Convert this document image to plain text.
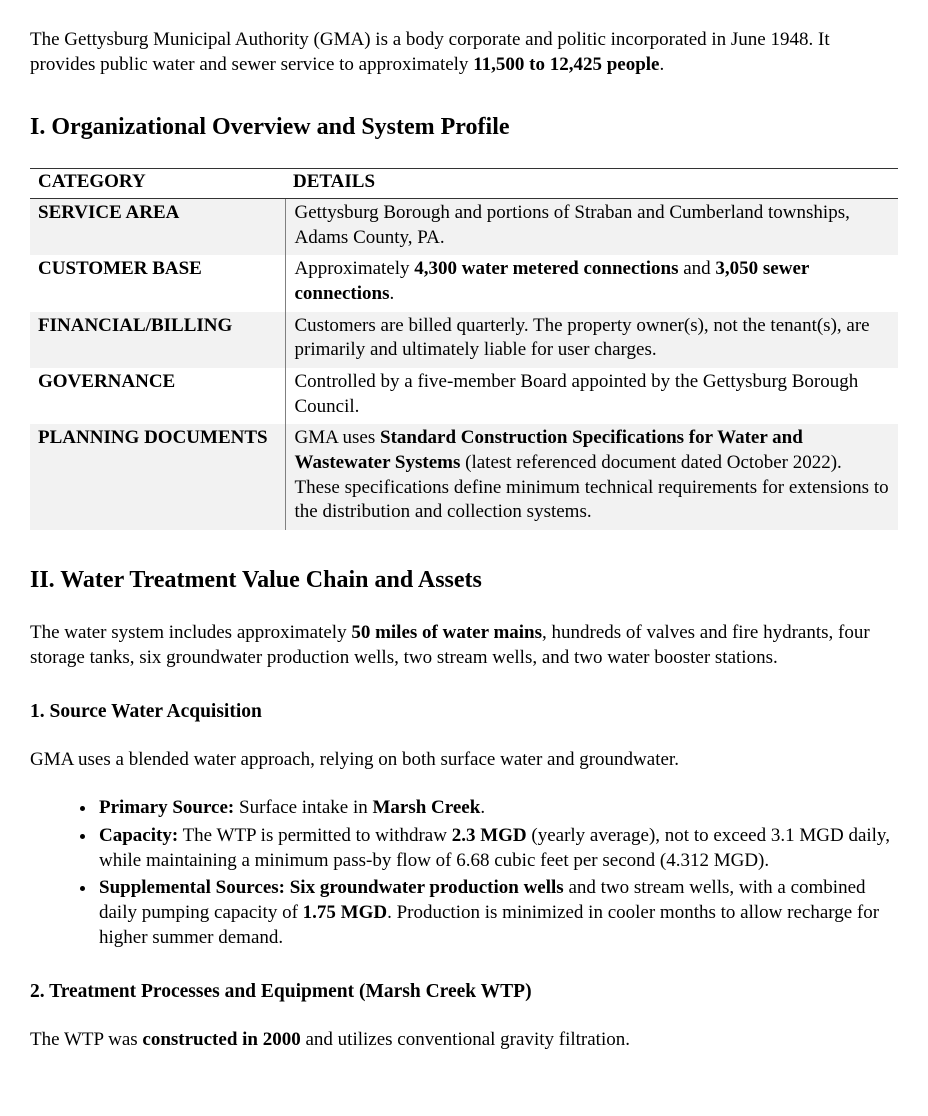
The Gettysburg Municipal Authority (GMA) is a body corporate and politic incorporated in June 1948. It provides public water and sewer service to approximately 11,500 to 12,425 people.

I. Organizational Overview and System Profile
CATEGORY	DETAILS
SERVICE AREA	Gettysburg Borough and portions of Straban and Cumberland townships, Adams County, PA.
CUSTOMER BASE	Approximately 4,300 water metered connections and 3,050 sewer connections.
FINANCIAL/BILLING	Customers are billed quarterly. The property owner(s), not the tenant(s), are primarily and ultimately liable for user charges.
GOVERNANCE	Controlled by a five-member Board appointed by the Gettysburg Borough Council.
PLANNING DOCUMENTS	GMA uses Standard Construction Specifications for Water and Wastewater Systems (latest referenced document dated October 2022). These specifications define minimum technical requirements for extensions to the distribution and collection systems.
II. Water Treatment Value Chain and Assets

The water system includes approximately 50 miles of water mains, hundreds of valves and fire hydrants, four storage tanks, six groundwater production wells, two stream wells, and two water booster stations.

1. Source Water Acquisition

GMA uses a blended water approach, relying on both surface water and groundwater.

• Primary Source: Surface intake in Marsh Creek.
• Capacity: The WTP is permitted to withdraw 2.3 MGD (yearly average), not to exceed 3.1 MGD daily, while maintaining a minimum pass-by flow of 6.68 cubic feet per second (4.312 MGD).
• Supplemental Sources: Six groundwater production wells and two stream wells, with a combined daily pumping capacity of 1.75 MGD. Production is minimized in cooler months to allow recharge for higher summer demand.
2. Treatment Processes and Equipment (Marsh Creek WTP)

The WTP was constructed in 2000 and utilizes conventional gravity filtration.
